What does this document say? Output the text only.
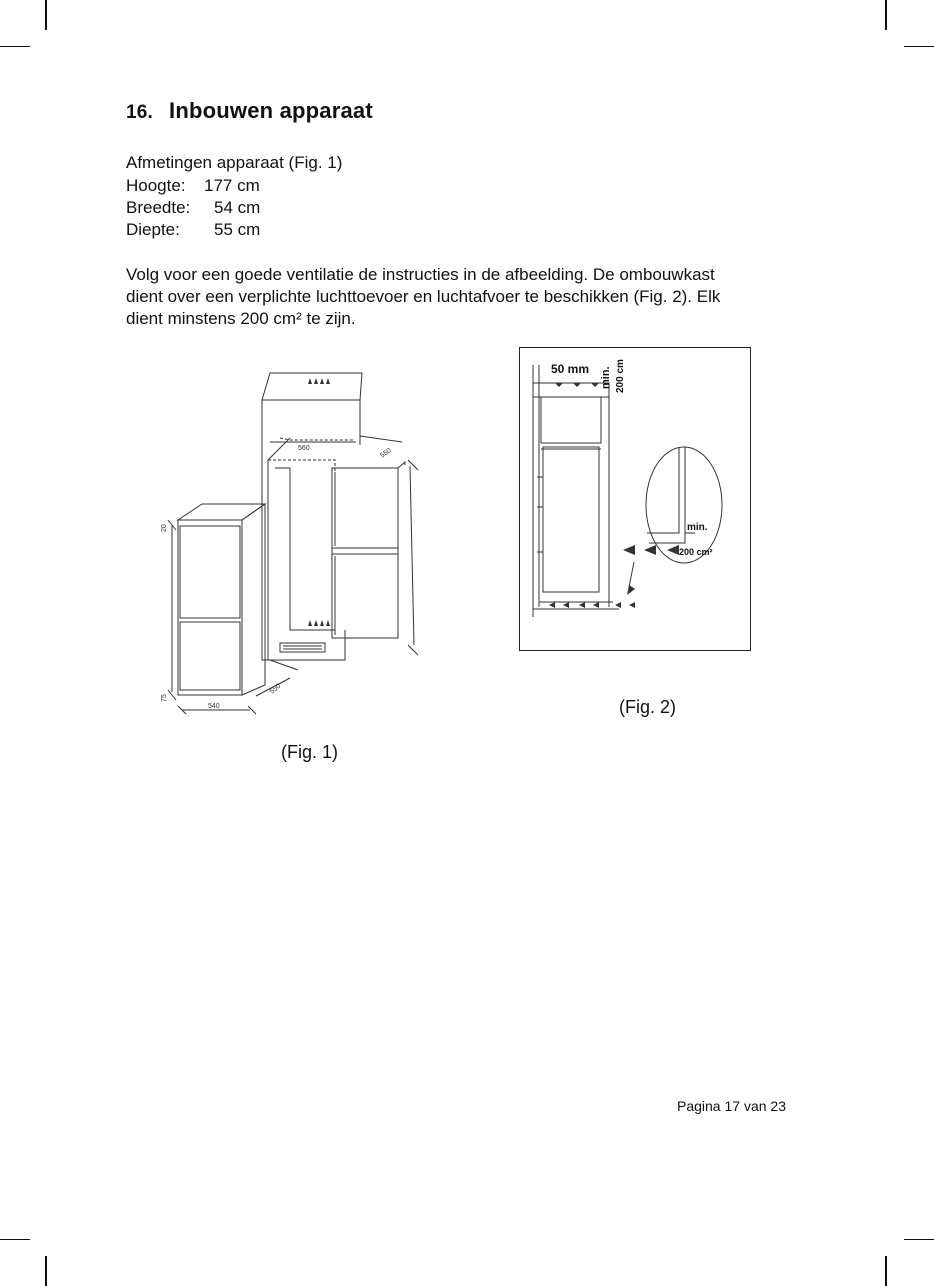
16. Inbouwen apparaat
Afmetingen apparaat (Fig. 1)
Hoogte: 177 cm
Breedte: 54 cm
Diepte: 55 cm
Volg voor een goede ventilatie de instructies in de afbeelding. De ombouwkast
dient over een verplichte luchttoevoer en luchtafvoer te beschikken (Fig. 2). Elk
dient minstens 200 cm² te zijn.
560	550
20
75
540
550
(Fig. 1)
50 mm min. 200 cm
min.
200 cm²
(Fig. 2)
Pagina 17 van 23
